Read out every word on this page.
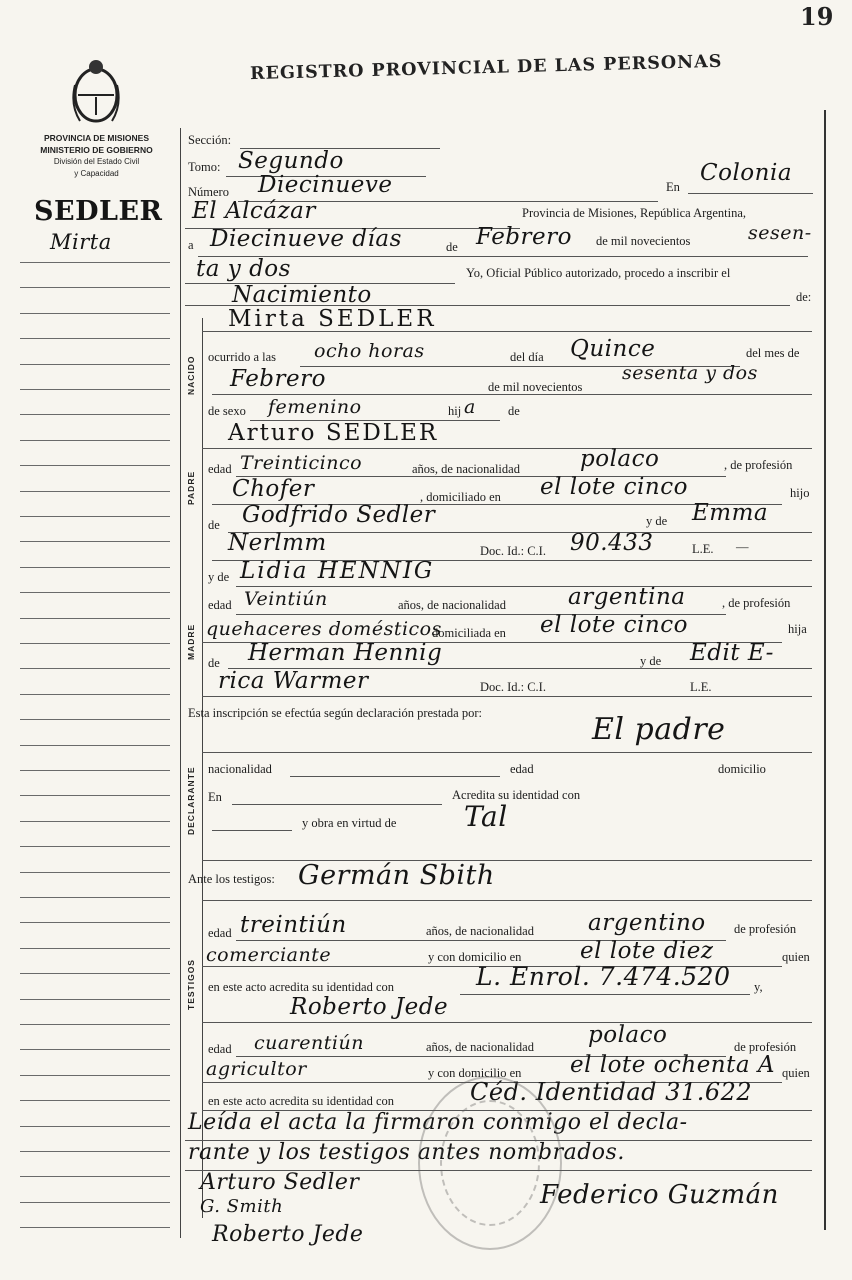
19
PROVINCIA DE MISIONES
MINISTERIO DE GOBIERNO
División del Estado Civil
y Capacidad
REGISTRO PROVINCIAL DE LAS PERSONAS
SEDLER
Mirta
NACIDO
PADRE
MADRE
DECLARANTE
TESTIGOS
Sección:
Tomo: Segundo
Número Diecinueve	En
Colonia
El Alcázar	Provincia de Misiones, República Argentina,
a Diecinueve días	de Febrero de mil novecientos	sesen-
ta y dos	Yo, Oficial Público autorizado, procedo a inscribir el
Nacimiento	de:
Mirta SEDLER
ocurrido a las ocho horas	del día Quince	del mes de
Febrero	de mil novecientos
sesenta y dos
de sexo femenino	hij a	de
Arturo SEDLER
edad Treinticinco	años, de nacionalidad	polaco	, de profesión
Chofer	, domiciliado en el lote cinco	hijo
de Godfrido Sedler	y de Emma
Nerlmm	Doc. Id.: C.I. 90.433	L.E. —
y de Lidia HENNIG
edad Veintiún	años, de nacionalidad	argentina	, de profesión
quehaceres domésticos
domiciliada en el lote cinco	hija
de Herman Hennig	y de Edit E-
rica Warmer	Doc. Id.: C.I.	L.E.
Esta inscripción se efectúa según declaración prestada por:	El padre
nacionalidad	edad	domicilio
En	Acredita su identidad con
y obra en virtud de Tal
Ante los testigos: Germán Sbith
edad treintiún	años, de nacionalidad argentino de profesión
comerciante	y con domicilio en	el lote diez	quien
en este acto acredita su identidad con	L. Enrol. 7.474.520 y,
Roberto Jede
edad cuarentiún	años, de nacionalidad polaco	de profesión
agricultor	y con domicilio en el lote ochenta A quien
en este acto acredita su identidad con	Céd. Identidad 31.622
Leída el acta la firmaron conmigo el decla-
rante y los testigos antes nombrados.
Arturo Sedler
G. Smith
Roberto Jede
Federico Guzmán
